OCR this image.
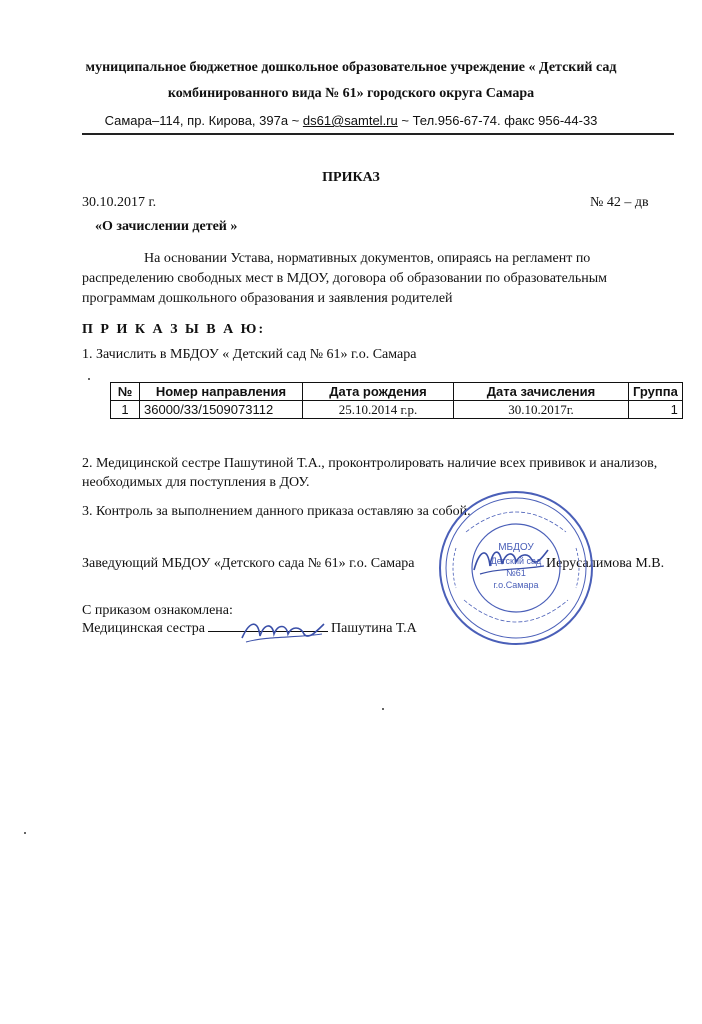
муниципальное бюджетное дошкольное образовательное учреждение « Детский сад
комбинированного вида № 61» городского округа Самара
Самара–114, пр. Кирова, 397а ~ ds61@samtel.ru ~ Тел.956-67-74. факс 956-44-33
ПРИКАЗ
30.10.2017 г.	№ 42 – дв
«О зачислении детей »
На основании Устава, нормативных документов, опираясь на регламент по распределению свободных мест в МДОУ, договора об образовании по образовательным программам дошкольного образования и заявления родителей
П Р И К А З Ы В А Ю:
1. Зачислить в МБДОУ « Детский сад № 61» г.о. Самара
№	Номер направления	Дата рождения	Дата зачисления	Группа
1	36000/33/1509073112	25.10.2014 г.р.	30.10.2017г.	1
2. Медицинской сестре Пашутиной Т.А., проконтролировать наличие всех прививок и анализов, необходимых для поступления в ДОУ.
3. Контроль за выполнением данного приказа оставляю за собой.
Заведующий МБДОУ «Детского сада № 61» г.о. Самара	Иерусалимова М.В.
С приказом ознакомлена:
Медицинская сестра	Пашутина Т.А
МБДОУ
Детский сад
№61
г.о.Самара
